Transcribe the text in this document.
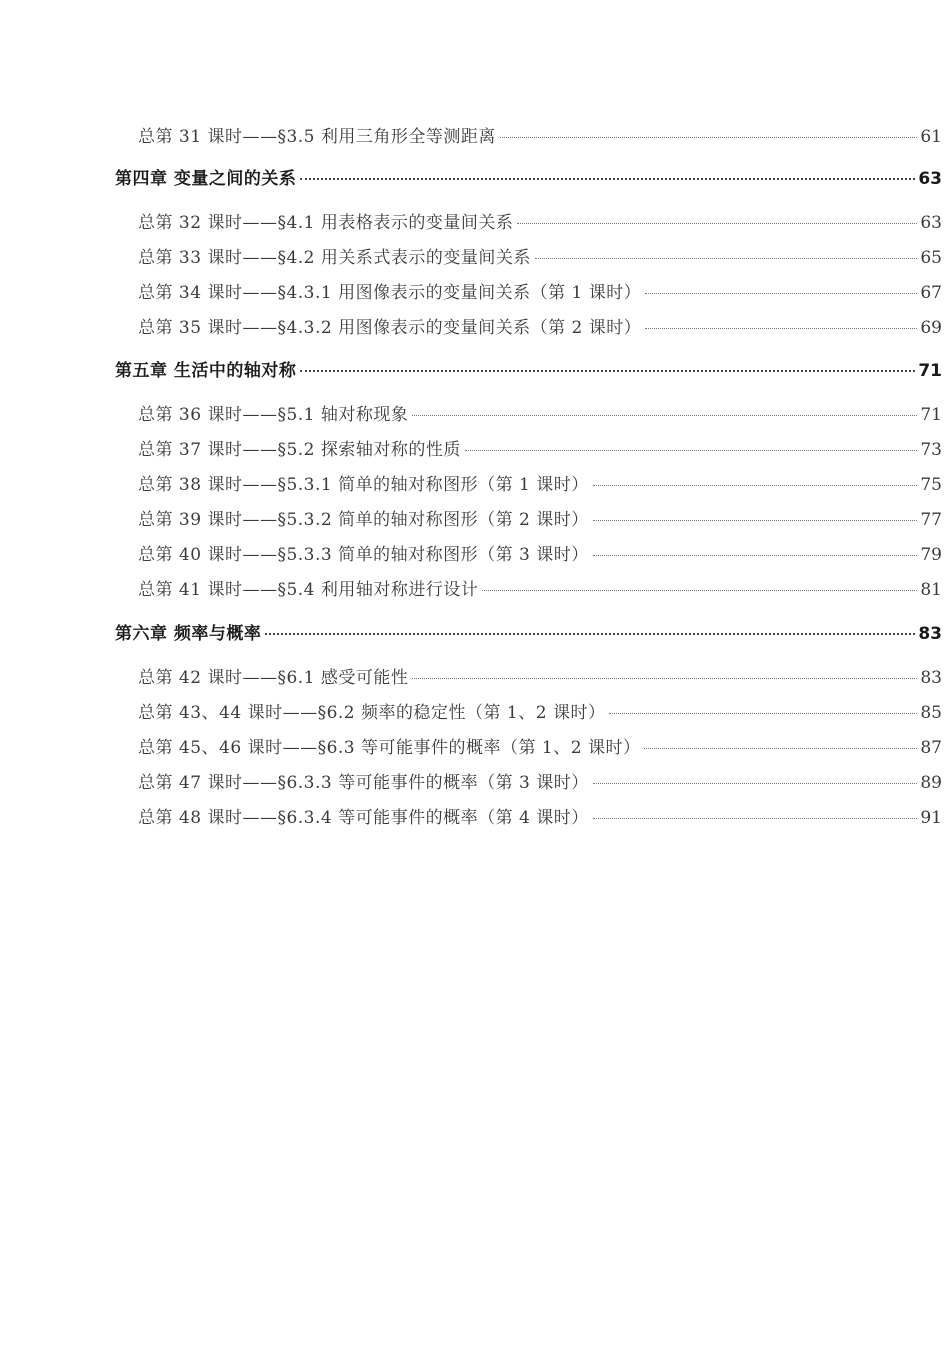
总第 31 课时——§3.5 利用三角形全等测距离	61
第四章 变量之间的关系	63
总第 32 课时——§4.1 用表格表示的变量间关系	63
总第 33 课时——§4.2 用关系式表示的变量间关系	65
总第 34 课时——§4.3.1 用图像表示的变量间关系（第 1 课时）	67
总第 35 课时——§4.3.2 用图像表示的变量间关系（第 2 课时）	69
第五章 生活中的轴对称	71
总第 36 课时——§5.1 轴对称现象	71
总第 37 课时——§5.2 探索轴对称的性质	73
总第 38 课时——§5.3.1 简单的轴对称图形（第 1 课时）	75
总第 39 课时——§5.3.2 简单的轴对称图形（第 2 课时）	77
总第 40 课时——§5.3.3 简单的轴对称图形（第 3 课时）	79
总第 41 课时——§5.4 利用轴对称进行设计	81
第六章 频率与概率	83
总第 42 课时——§6.1 感受可能性	83
总第 43、44 课时——§6.2 频率的稳定性（第 1、2 课时）	85
总第 45、46 课时——§6.3 等可能事件的概率（第 1、2 课时）	87
总第 47 课时——§6.3.3 等可能事件的概率（第 3 课时）	89
总第 48 课时——§6.3.4 等可能事件的概率（第 4 课时）	91
